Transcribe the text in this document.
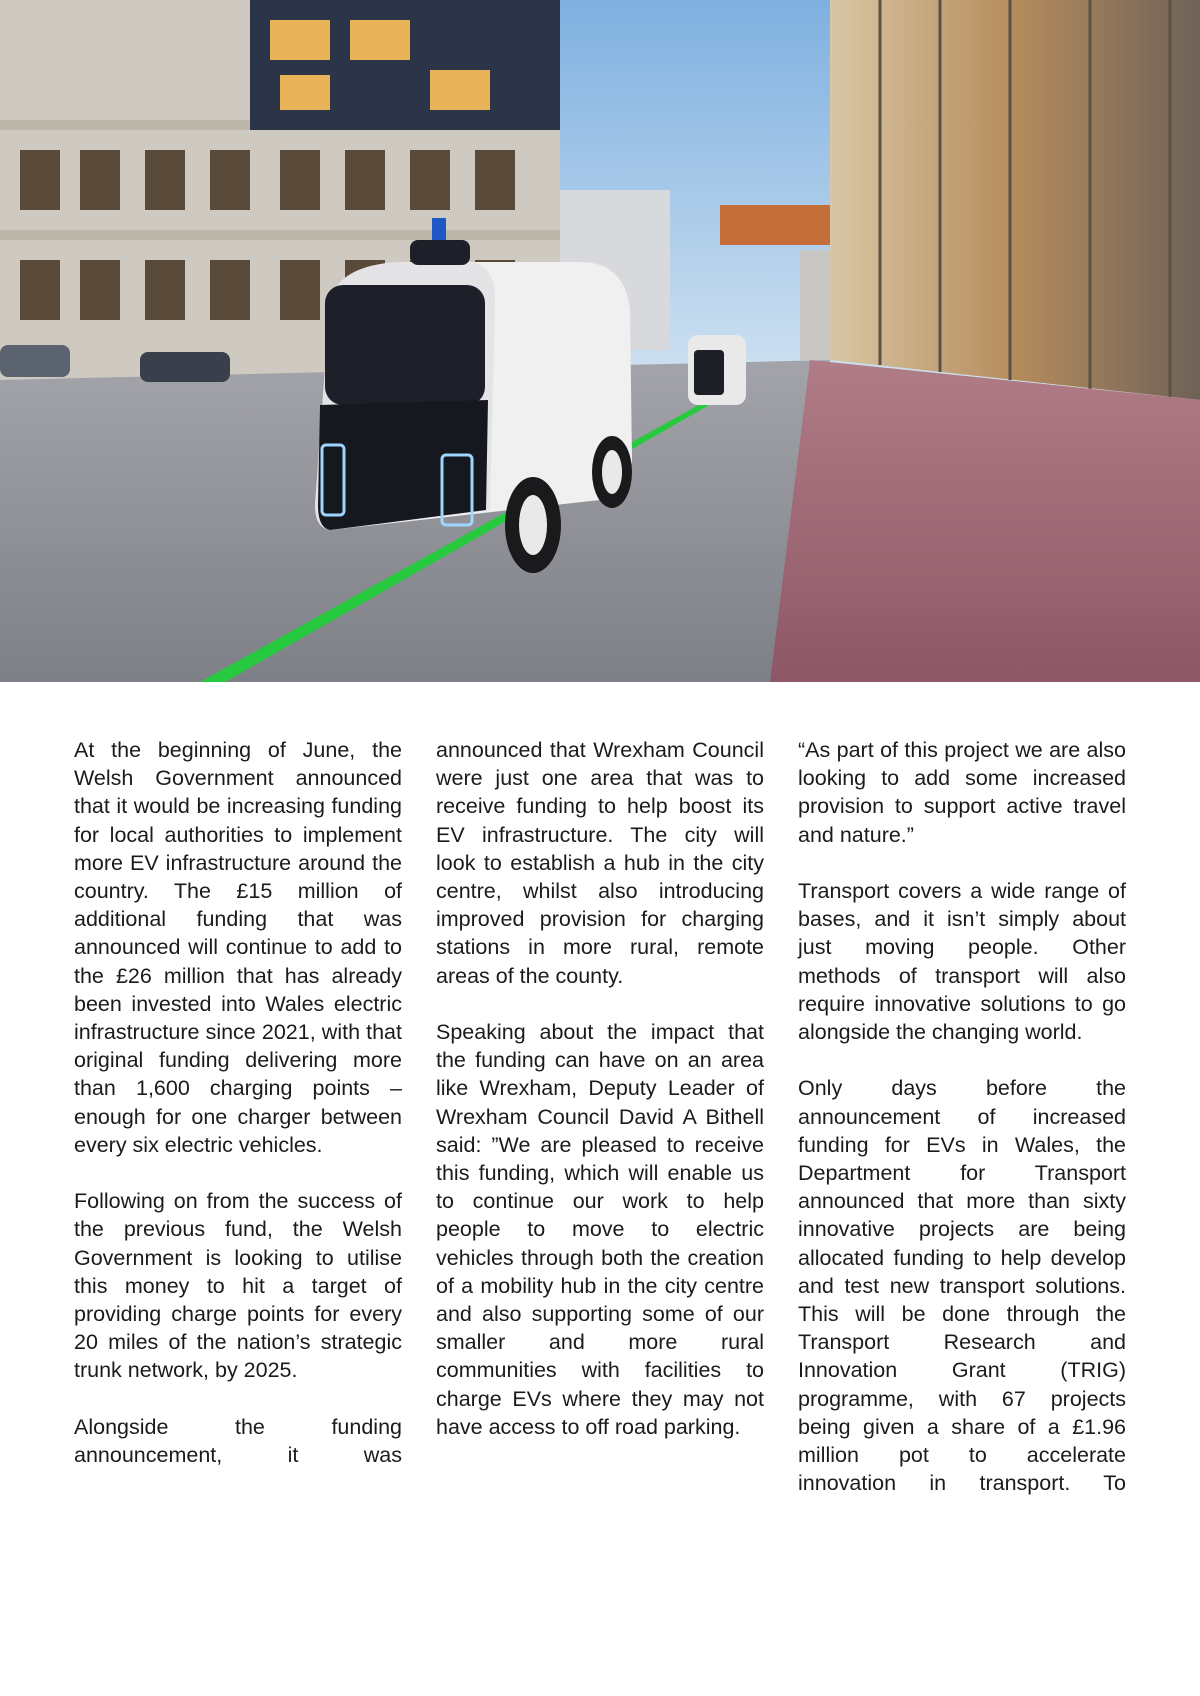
At the beginning of June, the Welsh Government announced that it would be increasing funding for local authorities to implement more EV infrastructure around the country. The £15 million of additional funding that was announced will continue to add to the £26 million that has already been invested into Wales electric infrastructure since 2021, with that original funding delivering more than 1,600 charging points – enough for one charger between every six electric vehicles.

Following on from the success of the previous fund, the Welsh Government is looking to utilise this money to hit a target of providing charge points for every 20 miles of the nation’s strategic trunk network, by 2025.

Alongside the funding announcement, it was

announced that Wrexham Council were just one area that was to receive funding to help boost its EV infrastructure. The city will look to establish a hub in the city centre, whilst also introducing improved provision for charging stations in more rural, remote areas of the county.

Speaking about the impact that the funding can have on an area like Wrexham, Deputy Leader of Wrexham Council David A Bithell said: ”We are pleased to receive this funding, which will enable us to continue our work to help people to move to electric vehicles through both the creation of a mobility hub in the city centre and also supporting some of our smaller and more rural communities with facilities to charge EVs where they may not have access to off road parking.

“As part of this project we are also looking to add some increased provision to support active travel and nature.”

Transport covers a wide range of bases, and it isn’t simply about just moving people. Other methods of transport will also require innovative solutions to go alongside the changing world.

Only days before the announcement of increased funding for EVs in Wales, the Department for Transport announced that more than sixty innovative projects are being allocated funding to help develop and test new transport solutions. This will be done through the Transport Research and Innovation Grant (TRIG) programme, with 67 projects being given a share of a £1.96 million pot to accelerate innovation in transport. To
